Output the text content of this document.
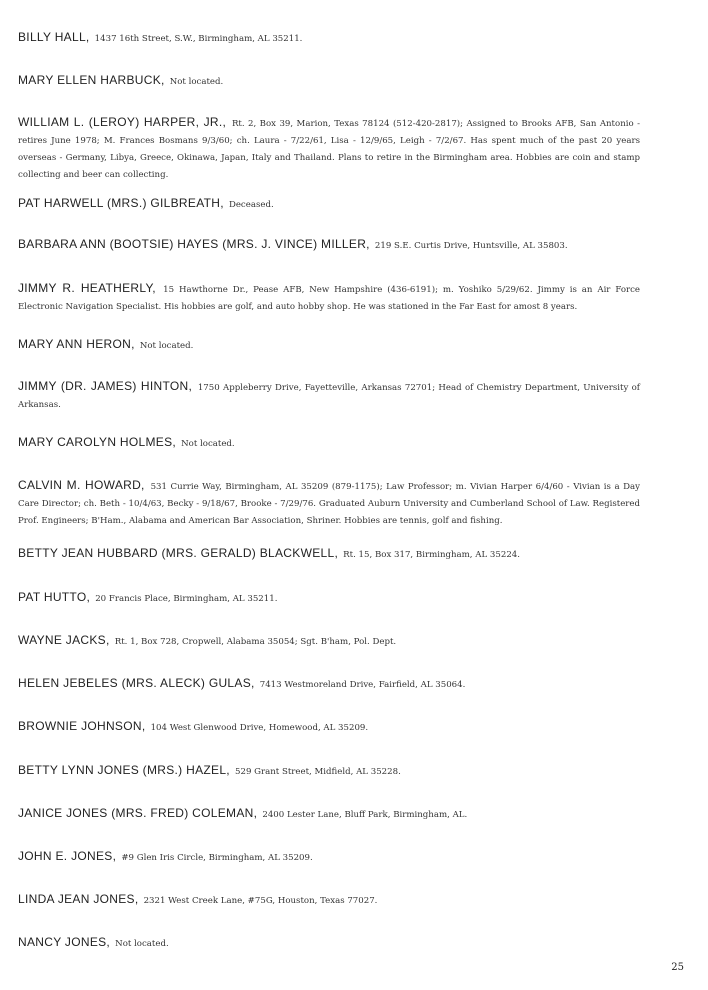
BILLY HALL, 1437 16th Street, S.W., Birmingham, AL 35211.

MARY ELLEN HARBUCK, Not located.

WILLIAM L. (LEROY) HARPER, JR., Rt. 2, Box 39, Marion, Texas 78124 (512-420-2817); Assigned to Brooks AFB, San Antonio - retires June 1978; M. Frances Bosmans 9/3/60; ch. Laura - 7/22/61, Lisa - 12/9/65, Leigh - 7/2/67. Has spent much of the past 20 years overseas - Germany, Libya, Greece, Okinawa, Japan, Italy and Thailand. Plans to retire in the Birmingham area. Hobbies are coin and stamp collecting and beer can collecting.

PAT HARWELL (MRS.) GILBREATH, Deceased.

BARBARA ANN (BOOTSIE) HAYES (MRS. J. VINCE) MILLER, 219 S.E. Curtis Drive, Huntsville, AL 35803.

JIMMY R. HEATHERLY, 15 Hawthorne Dr., Pease AFB, New Hampshire (436-6191); m. Yoshiko 5/29/62. Jimmy is an Air Force Electronic Navigation Specialist. His hobbies are golf, and auto hobby shop. He was stationed in the Far East for amost 8 years.

MARY ANN HERON, Not located.

JIMMY (DR. JAMES) HINTON, 1750 Appleberry Drive, Fayetteville, Arkansas 72701; Head of Chemistry Department, University of Arkansas.

MARY CAROLYN HOLMES, Not located.

CALVIN M. HOWARD, 531 Currie Way, Birmingham, AL 35209 (879-1175); Law Professor; m. Vivian Harper 6/4/60 - Vivian is a Day Care Director; ch. Beth - 10/4/63, Becky - 9/18/67, Brooke - 7/29/76. Graduated Auburn University and Cumberland School of Law. Registered Prof. Engineers; B'Ham., Alabama and American Bar Association, Shriner. Hobbies are tennis, golf and fishing.

BETTY JEAN HUBBARD (MRS. GERALD) BLACKWELL, Rt. 15, Box 317, Birmingham, AL 35224.

PAT HUTTO, 20 Francis Place, Birmingham, AL 35211.

WAYNE JACKS, Rt. 1, Box 728, Cropwell, Alabama 35054; Sgt. B'ham, Pol. Dept.

HELEN JEBELES (MRS. ALECK) GULAS, 7413 Westmoreland Drive, Fairfield, AL 35064.

BROWNIE JOHNSON, 104 West Glenwood Drive, Homewood, AL 35209.

BETTY LYNN JONES (MRS.) HAZEL, 529 Grant Street, Midfield, AL 35228.

JANICE JONES (MRS. FRED) COLEMAN, 2400 Lester Lane, Bluff Park, Birmingham, AL.

JOHN E. JONES, #9 Glen Iris Circle, Birmingham, AL 35209.

LINDA JEAN JONES, 2321 West Creek Lane, #75G, Houston, Texas 77027.

NANCY JONES, Not located.

25
